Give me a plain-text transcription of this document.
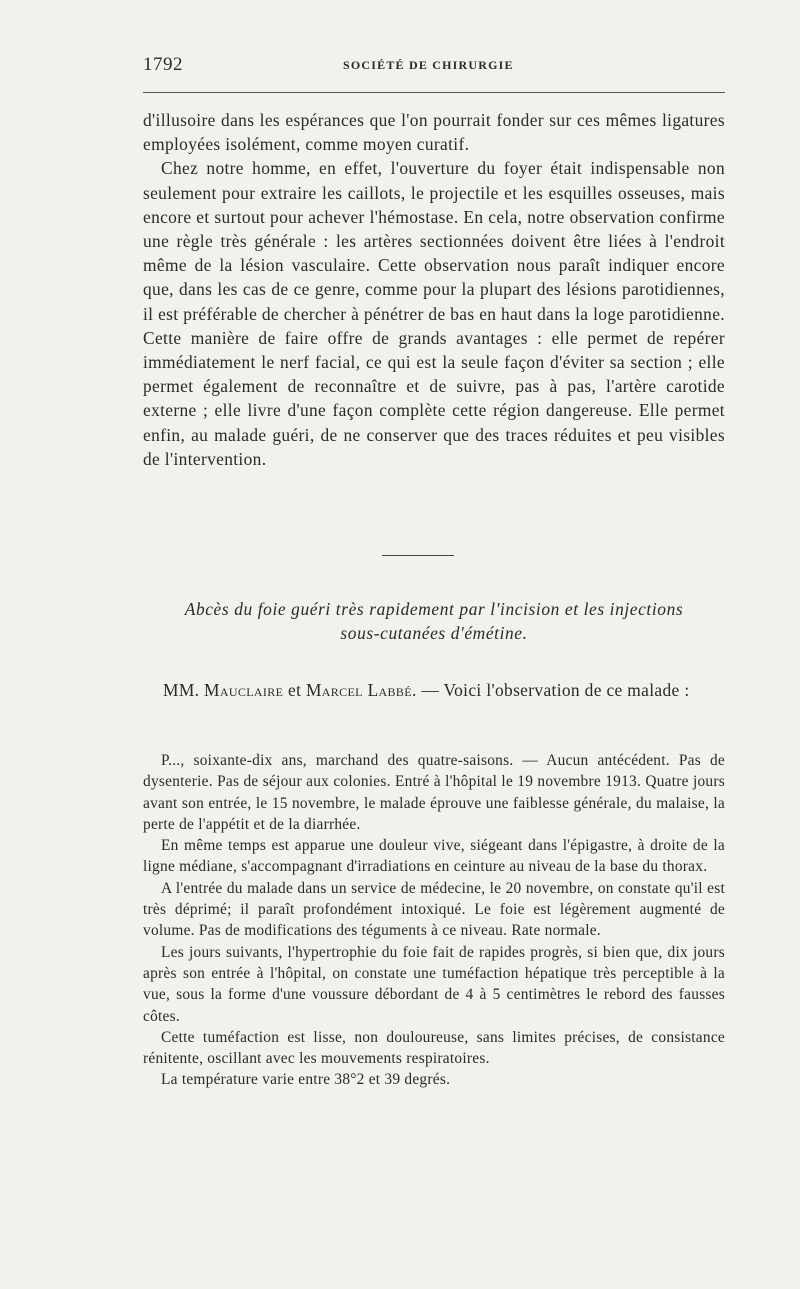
1792	SOCIÉTÉ DE CHIRURGIE

d'illusoire dans les espérances que l'on pourrait fonder sur ces mêmes ligatures employées isolément, comme moyen curatif.

Chez notre homme, en effet, l'ouverture du foyer était indispensable non seulement pour extraire les caillots, le projectile et les esquilles osseuses, mais encore et surtout pour achever l'hémostase. En cela, notre observation confirme une règle très générale : les artères sectionnées doivent être liées à l'endroit même de la lésion vasculaire. Cette observation nous paraît indiquer encore que, dans les cas de ce genre, comme pour la plupart des lésions parotidiennes, il est préférable de chercher à pénétrer de bas en haut dans la loge parotidienne. Cette manière de faire offre de grands avantages : elle permet de repérer immédiatement le nerf facial, ce qui est la seule façon d'éviter sa section ; elle permet également de reconnaître et de suivre, pas à pas, l'artère carotide externe ; elle livre d'une façon complète cette région dangereuse. Elle permet enfin, au malade guéri, de ne conserver que des traces réduites et peu visibles de l'intervention.

Abcès du foie guéri très rapidement par l'incision et les injections
sous-cutanées d'émétine.

MM. Mauclaire et Marcel Labbé. — Voici l'observation de ce malade :

P..., soixante-dix ans, marchand des quatre-saisons. — Aucun antécédent. Pas de dysenterie. Pas de séjour aux colonies. Entré à l'hôpital le 19 novembre 1913. Quatre jours avant son entrée, le 15 novembre, le malade éprouve une faiblesse générale, du malaise, la perte de l'appétit et de la diarrhée.

En même temps est apparue une douleur vive, siégeant dans l'épigastre, à droite de la ligne médiane, s'accompagnant d'irradiations en ceinture au niveau de la base du thorax.

A l'entrée du malade dans un service de médecine, le 20 novembre, on constate qu'il est très déprimé; il paraît profondément intoxiqué. Le foie est légèrement augmenté de volume. Pas de modifications des téguments à ce niveau. Rate normale.

Les jours suivants, l'hypertrophie du foie fait de rapides progrès, si bien que, dix jours après son entrée à l'hôpital, on constate une tuméfaction hépatique très perceptible à la vue, sous la forme d'une voussure débordant de 4 à 5 centimètres le rebord des fausses côtes.

Cette tuméfaction est lisse, non douloureuse, sans limites précises, de consistance rénitente, oscillant avec les mouvements respiratoires.

La température varie entre 38°2 et 39 degrés.
